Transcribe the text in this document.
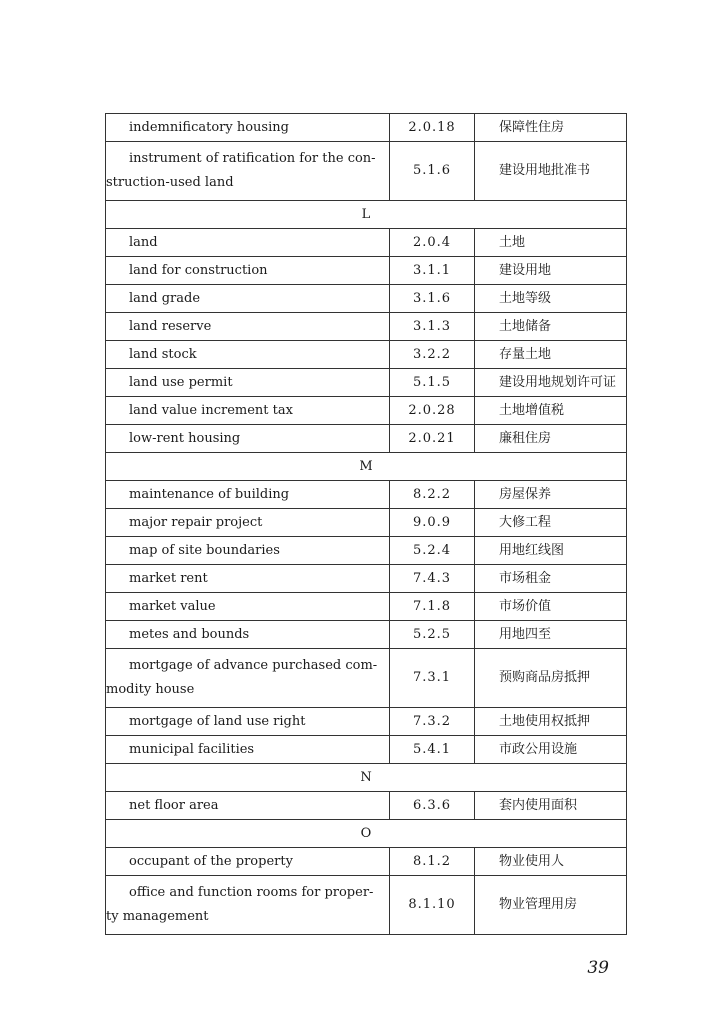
indemnificatory housing	2.0.18	保障性住房
instrument of ratification for the con-
struction-used land	5.1.6	建设用地批准书
L		
land	2.0.4	土地
land for construction	3.1.1	建设用地
land grade	3.1.6	土地等级
land reserve	3.1.3	土地储备
land stock	3.2.2	存量土地
land use permit	5.1.5	建设用地规划许可证
land value increment tax	2.0.28	土地增值税
low-rent housing	2.0.21	廉租住房
M		
maintenance of building	8.2.2	房屋保养
major repair project	9.0.9	大修工程
map of site boundaries	5.2.4	用地红线图
market rent	7.4.3	市场租金
market value	7.1.8	市场价值
metes and bounds	5.2.5	用地四至
mortgage of advance purchased com-
modity house	7.3.1	预购商品房抵押
mortgage of land use right	7.3.2	土地使用权抵押
municipal facilities	5.4.1	市政公用设施
N		
net floor area	6.3.6	套内使用面积
O		
occupant of the property	8.1.2	物业使用人
office and function rooms for proper-
ty management	8.1.10	物业管理用房
39
